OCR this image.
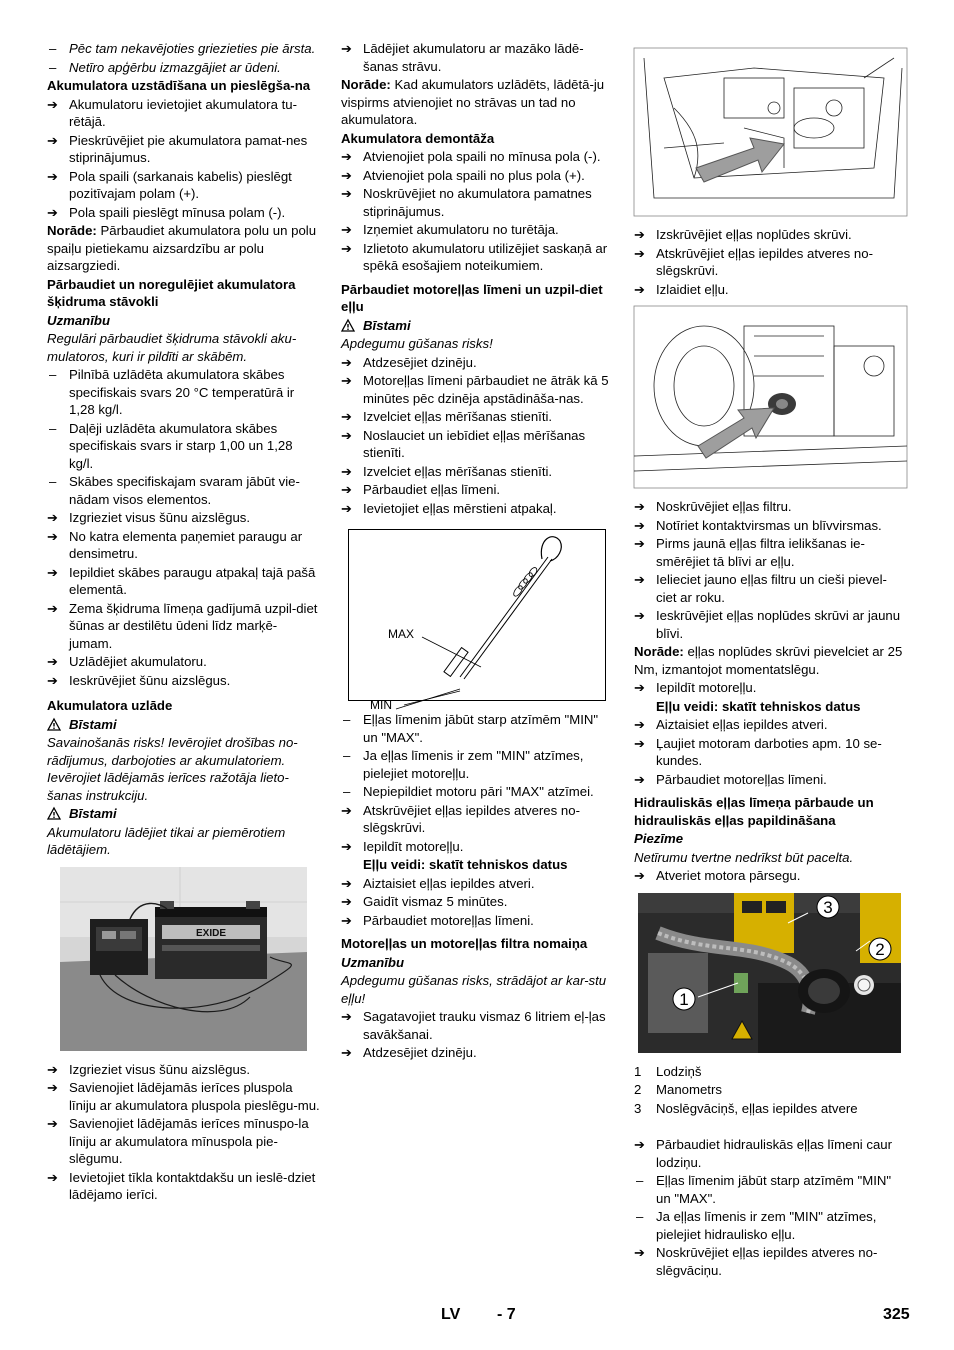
– Pēc tam nekavējoties griezieties pie ārsta.
– Netīro apģērbu izmazgājiet ar ūdeni.
Akumulatora uzstādīšana un pieslēgša-na
➔ Akumulatoru ievietojiet akumulatora tu-rētājā.
➔ Pieskrūvējiet pie akumulatora pamat-nes stiprinājumus.
➔ Pola spaili (sarkanais kabelis) pieslēgt pozitīvajam polam (+).
➔ Pola spaili pieslēgt mīnusa polam (-).
Norāde: Pārbaudiet akumulatora polu un polu spaiļu pietiekamu aizsardzību ar polu aizsargziedi.
Pārbaudiet un noregulējiet akumulatora šķidruma stāvokli
Uzmanību
Regulāri pārbaudiet šķidruma stāvokli aku-mulatoros, kuri ir pildīti ar skābēm.
– Pilnībā uzlādēta akumulatora skābes specifiskais svars 20 °C temperatūrā ir 1,28 kg/l.
– Daļēji uzlādēta akumulatora skābes specifiskais svars ir starp 1,00 un 1,28 kg/l.
– Skābes specifiskajam svaram jābūt vie-nādam visos elementos.
➔ Izgrieziet visus šūnu aizslēgus.
➔ No katra elementa paņemiet paraugu ar densimetru.
➔ Iepildiet skābes paraugu atpakaļ tajā pašā elementā.
➔ Zema šķidruma līmeņa gadījumā uzpil-diet šūnas ar destilētu ūdeni līdz marķē-jumam.
➔ Uzlādējiet akumulatoru.
➔ Ieskrūvējiet šūnu aizslēgus.
Akumulatora uzlāde
Bīstami
Savainošanās risks! Ievērojiet drošības no-rādījumus, darbojoties ar akumulatoriem. Ievērojiet lādējamās ierīces ražotāja lieto-šanas instrukciju.
Bīstami
Akumulatoru lādējiet tikai ar piemērotiem lādētājiem.
EXIDE
➔ Izgrieziet visus šūnu aizslēgus.
➔ Savienojiet lādējamās ierīces pluspola līniju ar akumulatora pluspola pieslēgu-mu.
➔ Savienojiet lādējamās ierīces mīnuspo-la līniju ar akumulatora mīnuspola pie-slēgumu.
➔ Ievietojiet tīkla kontaktdakšu un ieslē-dziet lādējamo ierīci.
➔ Lādējiet akumulatoru ar mazāko lādē-šanas strāvu.
Norāde: Kad akumulators uzlādēts, lādētā-ju vispirms atvienojiet no strāvas un tad no akumulatora.
Akumulatora demontāža
➔ Atvienojiet pola spaili no mīnusa pola (-).
➔ Atvienojiet pola spaili no plus pola (+).
➔ Noskrūvējiet no akumulatora pamatnes stiprinājumus.
➔ Izņemiet akumulatoru no turētāja.
➔ Izlietoto akumulatoru utilizējiet saskaņā ar spēkā esošajiem noteikumiem.
Pārbaudiet motoreļļas līmeni un uzpil-diet eļļu
Bīstami
Apdegumu gūšanas risks!
➔ Atdzesējiet dzinēju.
➔ Motoreļļas līmeni pārbaudiet ne ātrāk kā 5 minūtes pēc dzinēja apstādināša-nas.
➔ Izvelciet eļļas mērīšanas stienīti.
➔ Noslauciet un iebīdiet eļļas mērīšanas stienīti.
➔ Izvelciet eļļas mērīšanas stienīti.
➔ Pārbaudiet eļļas līmeni.
➔ Ievietojiet eļļas mērstieni atpakaļ.
MAX
MIN
– Eļļas līmenim jābūt starp atzīmēm "MIN" un "MAX".
– Ja eļļas līmenis ir zem "MIN" atzīmes, pielejiet motoreļļu.
– Nepiepildiet motoru pāri "MAX" atzīmei.
➔ Atskrūvējiet eļļas iepildes atveres no-slēgskrūvi.
➔ Iepildīt motoreļļu.
Eļļu veidi: skatīt tehniskos datus
➔ Aiztaisiet eļļas iepildes atveri.
➔ Gaidīt vismaz 5 minūtes.
➔ Pārbaudiet motoreļļas līmeni.
Motoreļļas un motoreļļas filtra nomaiņa
Uzmanību
Apdegumu gūšanas risks, strādājot ar kar-stu eļļu!
➔ Sagatavojiet trauku vismaz 6 litriem eļ-ļas savākšanai.
➔ Atdzesējiet dzinēju.
➔ Izskrūvējiet eļļas noplūdes skrūvi.
➔ Atskrūvējiet eļļas iepildes atveres no-slēgskrūvi.
➔ Izlaidiet eļļu.
➔ Noskrūvējiet eļļas filtru.
➔ Notīriet kontaktvirsmas un blīvvirsmas.
➔ Pirms jaunā eļļas filtra ielikšanas ie-smērējiet tā blīvi ar eļļu.
➔ Ielieciet jauno eļļas filtru un cieši pievel-ciet ar roku.
➔ Ieskrūvējiet eļļas noplūdes skrūvi ar jaunu blīvi.
Norāde: eļļas noplūdes skrūvi pievelciet ar 25 Nm, izmantojot momentatslēgu.
➔ Iepildīt motoreļļu.
Eļļu veidi: skatīt tehniskos datus
➔ Aiztaisiet eļļas iepildes atveri.
➔ Ļaujiet motoram darboties apm. 10 se-kundes.
➔ Pārbaudiet motoreļļas līmeni.
Hidrauliskās eļļas līmeņa pārbaude un hidrauliskās eļļas papildināšana
Piezīme
Netīrumu tvertne nedrīkst būt pacelta.
➔ Atveriet motora pārsegu.
1
2
3
1 Lodziņš
2 Manometrs
3 Noslēgvāciņš, eļļas iepildes atvere
➔ Pārbaudiet hidrauliskās eļļas līmeni caur lodziņu.
– Eļļas līmenim jābūt starp atzīmēm "MIN" un "MAX".
– Ja eļļas līmenis ir zem "MIN" atzīmes, pielejiet hidraulisko eļļu.
➔ Noskrūvējiet eļļas iepildes atveres no-slēgvāciņu.
LV - 7	325
